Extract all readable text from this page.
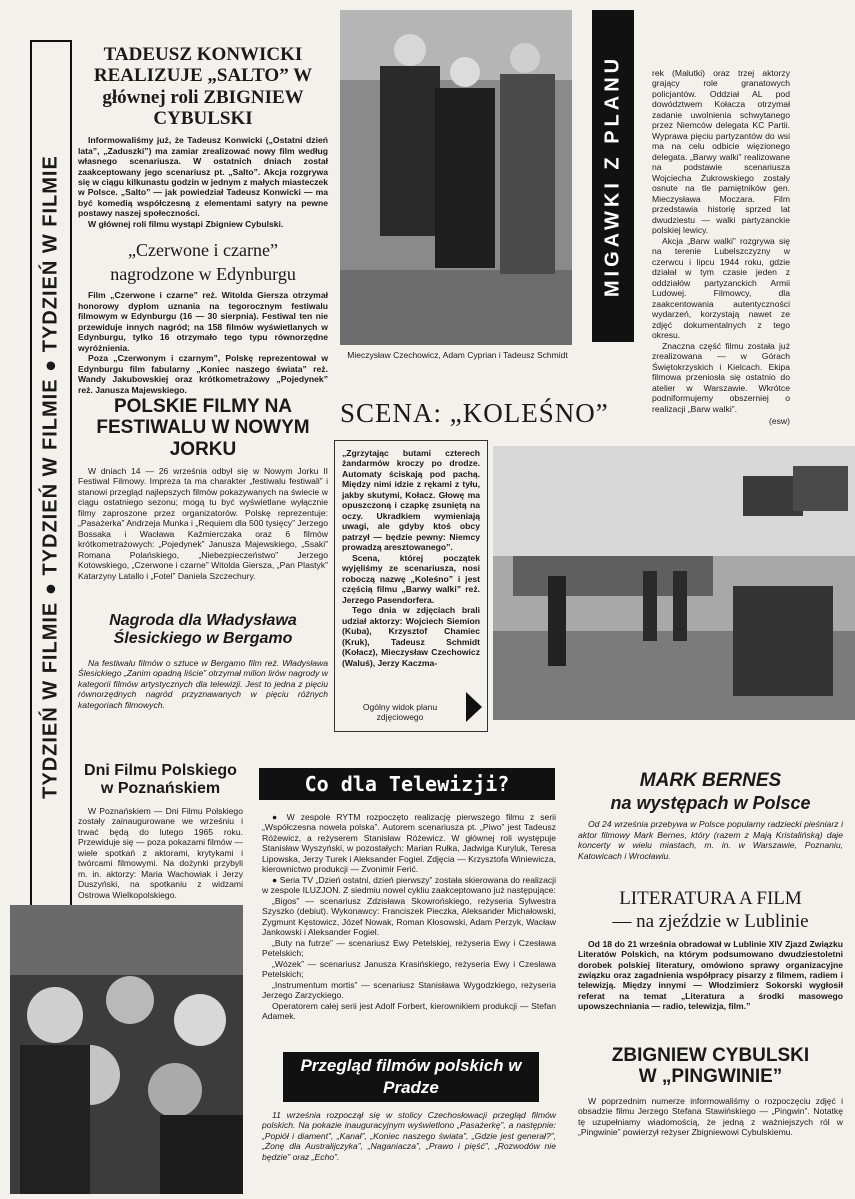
TYDZIEŃ W FILMIE ● TYDZIEŃ W FILMIE ● TYDZIEŃ W FILMIE
TADEUSZ KONWICKI REALIZUJE „SALTO” W głównej roli ZBIGNIEW CYBULSKI

Informowaliśmy już, że Tadeusz Konwicki („Ostatni dzień lata”, „Zaduszki”) ma zamiar zrealizować nowy film według własnego scenariusza. W ostatnich dniach został zaakceptowany jego scenariusz pt. „Salto”. Akcja rozgrywa się w ciągu kilkunastu godzin w jednym z małych miasteczek w Polsce. „Salto” — jak powiedział Tadeusz Konwicki — ma być komedią współczesną z elementami satyry na pewne postawy naszej społeczności.

W głównej roli filmu wystąpi Zbigniew Cybulski.

„Czerwone i czarne”
nagrodzone w Edynburgu

Film „Czerwone i czarne” reż. Witolda Giersza otrzymał honorowy dyplom uznania na tegorocznym festiwalu filmowym w Edynburgu (16 — 30 sierpnia). Festiwal ten nie przewiduje innych nagród; na 158 filmów wyświetlanych w Edynburgu, tylko 16 otrzymało tego typu równorzędne wyróżnienia.

Poza „Czerwonym i czarnym”, Polskę reprezentował w Edynburgu film fabularny „Koniec naszego świata” reż. Wandy Jakubowskiej oraz krótkometrażowy „Pojedynek” reż. Janusza Majewskiego.

POLSKIE FILMY NA FESTIWALU W NOWYM JORKU

W dniach 14 — 26 września odbył się w Nowym Jorku II Festiwal Filmowy. Impreza ta ma charakter „festiwalu festiwali” i stanowi przegląd najlepszych filmów pokazywanych na świecie w ciągu ostatniego sezonu; mogą tu być wyświetlane wyłącznie filmy zaproszone przez organizatorów. Polskę reprezentuje: „Pasażerka” Andrzeja Munka i „Requiem dla 500 tysięcy” Jerzego Bossaka i Wacława Kaźmierczaka oraz 6 filmów krótkometrażowych: „Pojedynek” Janusza Majewskiego, „Ssaki” Romana Polańskiego, „Niebezpieczeństwo” Jerzego Kotowskiego, „Czerwone i czarne” Witolda Giersza, „Pan Plastyk” Katarzyny Latallo i „Fotel” Daniela Szczechury.

Nagroda dla Władysława Ślesickiego w Bergamo

Na festiwalu filmów o sztuce w Bergamo film reż. Władysława Ślesickiego „Zanim opadną liście” otrzymał milion lirów nagrody w kategorii filmów artystycznych dla telewizji. Jest to jedna z pięciu równorzędnych nagród przyznawanych w pięciu różnych kategoriach filmowych.

Dni Filmu Polskiego w Poznańskiem

W Poznańskiem — Dni Filmu Polskiego zostały zainaugurowane we wrześniu i trwać będą do lutego 1965 roku. Przewiduje się — poza pokazami filmów — wiele spotkań z aktorami, krytykami i twórcami filmowymi. Na dożynki przybyli m. in. aktorzy: Maria Wachowiak i Jerzy Duszyński, na spotkaniu z widzami Ostrowa Wielkopolskiego.

Mieczysław Czechowicz, Adam Cyprian i Tadeusz Schmidt
MIGAWKI Z PLANU	rek (Malutki) oraz trzej aktorzy grający role granatowych policjantów. Oddział AL pod dowództwem Kołacza otrzymał zadanie uwolnienia schwytanego przez Niemców delegata KC Partii. Wyprawa pięciu partyzantów do wsi ma na celu odbicie więzionego delegata. „Barwy walki” realizowane na podstawie scenariusza Wojciecha Żukrowskiego zostały osnute na tle pamiętników gen. Mieczysława Moczara. Film przedstawia historię sprzed lat dwudziestu — walki partyzanckie polskiej lewicy.

Akcja „Barw walki” rozgrywa się na terenie Lubelszczyzny w czerwcu i lipcu 1944 roku, gdzie działał w tym czasie jeden z oddziałów partyzanckich Armii Ludowej. Filmowcy, dla zaakcentowania autentyczności wydarzeń, korzystają nawet ze zdjęć dokumentalnych z tego okresu.

Znaczna część filmu została już zrealizowana — w Górach Świętokrzyskich i Kielcach. Ekipa filmowa przeniosła się ostatnio do atelier w Warszawie. Wkrótce podniformujemy obszerniej o realizacji „Barw walki”.

(esw)
SCENA: „KOLEŚNO”

„Zgrzytając butami czterech żandarmów kroczy po drodze. Automaty ściskają pod pachą. Między nimi idzie z rękami z tyłu, jakby skutymi, Kołacz. Głowę ma opuszczoną i czapkę zsuniętą na oczy. Ukradkiem wymieniają uwagi, ale gdyby ktoś obcy patrzył — będzie pewny: Niemcy prowadzą aresztowanego”.

Scena, której początek wyjęliśmy ze scenariusza, nosi roboczą nazwę „Koleśno” i jest częścią filmu „Barwy walki” reż. Jerzego Pasendorfera.

Tego dnia w zdjęciach brali udział aktorzy: Wojciech Siemion (Kuba), Krzysztof Chamiec (Kruk), Tadeusz Schmidt (Kołacz), Mieczysław Czechowicz (Waluś), Jerzy Kaczma-

Ogólny widok planu zdjęciowego
Co dla Telewizji?

● W zespole RYTM rozpoczęto realizację pierwszego filmu z serii „Współczesna nowela polska”. Autorem scenariusza pt. „Piwo” jest Tadeusz Różewicz, a reżyserem Stanisław Różewicz. W głównej roli występuje Stanisław Wyszyński, w pozostałych: Marian Rułka, Jadwiga Kuryluk, Teresa Lipowska, Jerzy Turek i Aleksander Fogiel. Zdjęcia — Krzysztofa Winiewicza, kierownictwo produkcji — Zvonimir Ferić.

● Seria TV „Dzień ostatni, dzień pierwszy” została skierowana do realizacji w zespole ILUZJON. Z siedmiu nowel cykliu zaakceptowano już następujące:

„Bigos” — scenariusz Zdzisława Skowrońskiego, reżyseria Sylwestra Szyszko (debiut). Wykonawcy: Franciszek Pieczka, Aleksander Michałowski, Zygmunt Kęstowicz, Józef Nowak, Roman Kłosowski, Adam Perzyk, Wacław Jankowski i Aleksander Fogiel.

„Buty na futrze” — scenariusz Ewy Petelskiej, reżyseria Ewy i Czesława Petelskich;

„Wózek” — scenariusz Janusza Krasińskiego, reżyseria Ewy i Czesława Petelskich;

„Instrumentum mortis” — scenariusz Stanisława Wygodzkiego, reżyseria Jerzego Zarzyckiego.

Operatorem całej serii jest Adolf Forbert, kierownikiem produkcji — Stefan Adamek.

Przegląd filmów polskich w Pradze

11 września rozpoczął się w stolicy Czechosłowacji przegląd filmów polskich. Na pokazie inauguracyjnym wyświetlono „Pasażerkę”, a następnie: „Popiół i diament”, „Kanał”, „Koniec naszego świata”, „Gdzie jest generał?”, „Żonę dla Australijczyka”, „Naganiacza”, „Prawo i pięść”, „Rozwodów nie będzie” oraz „Echo”.

MARK BERNES
na występach w Polsce

Od 24 września przebywa w Polsce popularny radziecki pieśniarz i aktor filmowy Mark Bernes, który (razem z Mają Kristalińską) daje koncerty w wielu miastach, m. in. w Warszawie, Poznaniu, Katowicach i Wrocławiu.

LITERATURA A FILM
— na zjeździe w Lublinie

Od 18 do 21 września obradował w Lublinie XIV Zjazd Związku Literatów Polskich, na którym podsumowano dwudziestoletni dorobek polskiej literatury, omówiono sprawy organizacyjne związku oraz zagadnienia współpracy pisarzy z filmem, radiem i telewizją. Między innymi — Włodzimierz Sokorski wygłosił referat na temat „Literatura a środki masowego upowszechniania — radio, telewizja, film.”

ZBIGNIEW CYBULSKI
W „PINGWINIE”

W poprzednim numerze informowaliśmy o rozpoczęciu zdjęć i obsadzie filmu Jerzego Stefana Stawińskiego — „Pingwin”. Notatkę tę uzupełniamy wiadomością, że jedną z ważniejszych ról w „Pingwinie” powierzył reżyser Zbigniewowi Cybulskiemu.
